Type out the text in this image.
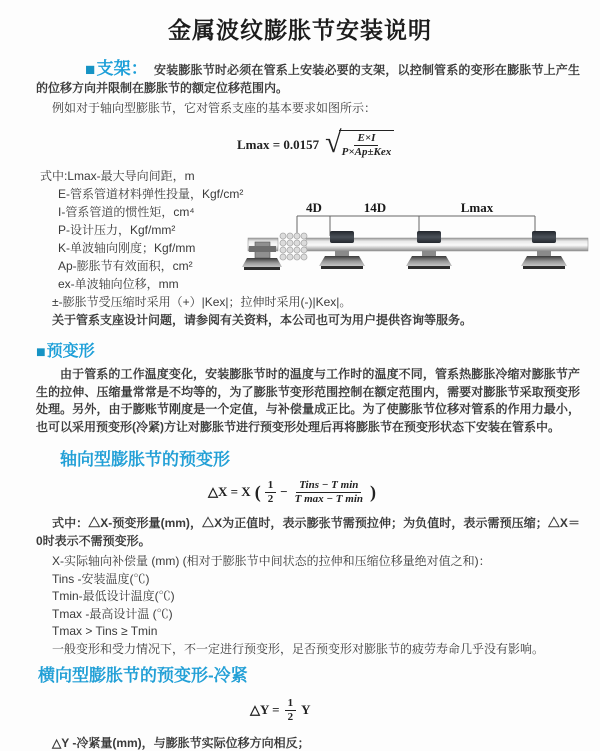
金属波纹膨胀节安装说明

■支架： 安装膨胀节时必须在管系上安装必要的支架，以控制管系的变形在膨胀节上产生的位移方向并限制在膨胀节的额定位移范围内。

例如对于轴向型膨胀节，它对管系支座的基本要求如图所示：

Lmax = 0.0157 √
$\frac{E\times I}{\text{P×Ap±Kex}}$
式中:Lmax-最大导向间距，m
E-管系管道材料弹性投量，Kgf/cm²
I-管系管道的惯性矩，cm⁴
P-设计压力，Kgf/mm²
K-单波轴向刚度；Kgf/mm
Ap-膨胀节有效面积，cm²
ex-单波轴向位移，mm
4D	14D	Lmax

±-膨胀节受压缩时采用（+）|Kex|；拉伸时采用(-)|Kex|。

关于管系支座设计问题，请参阅有关资料，本公司也可为用户提供咨询等服务。

■预变形

由于管系的工作温度变化，安装膨胀节时的温度与工作时的温度不同，管系热膨胀冷缩对膨胀节产生的拉伸、压缩量常常是不均等的，为了膨胀节变形范围控制在额定范围内，需要对膨胀节采取预变形处理。另外，由于膨账节刚度是一个定值，与补偿量成正比。为了使膨胀节位移对管系的作用力最小，也可以采用预变形(冷紧)方让对膨胀节进行预变形处理后再将膨胀节在预变形状态下安装在管系中。

轴向型膨胀节的预变形
△X = X ( $\frac{1}{2} - \frac{\text{Tins − T min}}{\text{T max − T min}}$ )

式中：△X-预变形量(mm)，△X为正值时，表示膨张节需预拉伸；为负值时，表示需预压缩；△X＝0时表示不需预变形。

X-实际轴向补偿量 (mm) (相对于膨胀节中间状态的拉伸和压缩位移量绝对值之和)：
Tins -安装温度(℃)
Tmin-最低设计温度(℃)
Tmax -最高设计温 (℃)
Tmax > Tins ≥ Tmin
一般变形和受力情况下，不一定进行预变形，足否预变形对膨胀节的疲劳寿命几乎没有影响。
横向型膨胀节的预变形-冷紧
△Y = $\frac{1}{2}$ Y

△Y -冷紧量(mm)，与膨胀节实际位移方向相反；
